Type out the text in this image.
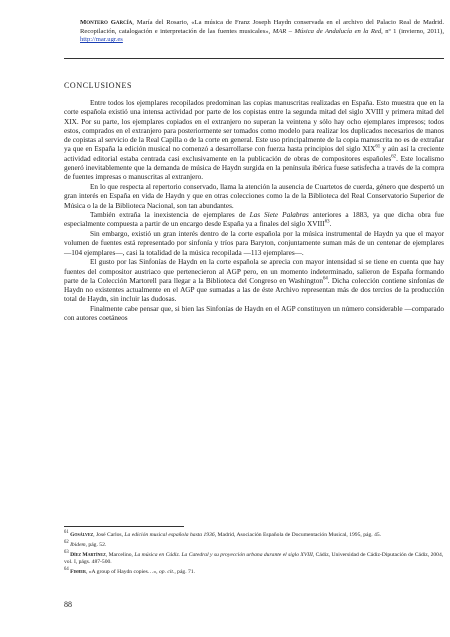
Montero García, María del Rosario, «La música de Franz Joseph Haydn conservada en el archivo del Palacio Real de Madrid. Recopilación, catalogación e interpretación de las fuentes musicales», MAR – Música de Andalucía en la Red, nº 1 (invierno, 2011), http://mar.ugr.es
CONCLUSIONES

Entre todos los ejemplares recopilados predominan las copias manuscritas realizadas en España. Esto muestra que en la corte española existió una intensa actividad por parte de los copistas entre la segunda mitad del siglo XVIII y primera mitad del XIX. Por su parte, los ejemplares copiados en el extranjero no superan la veintena y sólo hay ocho ejemplares impresos; todos estos, comprados en el extranjero para posteriormente ser tomados como modelo para realizar los duplicados necesarios de manos de copistas al servicio de la Real Capilla o de la corte en general. Este uso principalmente de la copia manuscrita no es de extrañar ya que en España la edición musical no comenzó a desarrollarse con fuerza hasta principios del siglo XIX$^{61}$ y aún así la creciente actividad editorial estaba centrada casi exclusivamente en la publicación de obras de compositores españoles$^{62}$. Este localismo generó inevitablemente que la demanda de música de Haydn surgida en la península ibérica fuese satisfecha a través de la compra de fuentes impresas o manuscritas al extranjero.

En lo que respecta al repertorio conservado, llama la atención la ausencia de Cuartetos de cuerda, género que despertó un gran interés en España en vida de Haydn y que en otras colecciones como la de la Biblioteca del Real Conservatorio Superior de Música o la de la Biblioteca Nacional, son tan abundantes.

También extraña la inexistencia de ejemplares de Las Siete Palabras anteriores a 1883, ya que dicha obra fue especialmente compuesta a partir de un encargo desde España ya a finales del siglo XVIII$^{63}$.

Sin embargo, existió un gran interés dentro de la corte española por la música instrumental de Haydn ya que el mayor volumen de fuentes está representado por sinfonía y tríos para Baryton, conjuntamente suman más de un centenar de ejemplares —104 ejemplares—, casi la totalidad de la música recopilada —113 ejemplares—.

El gusto por las Sinfonías de Haydn en la corte española se aprecia con mayor intensidad si se tiene en cuenta que hay fuentes del compositor austriaco que pertenecieron al AGP pero, en un momento indeterminado, salieron de España formando parte de la Colección Martorell para llegar a la Biblioteca del Congreso en Washington$^{64}$. Dicha colección contiene sinfonías de Haydn no existentes actualmente en el AGP que sumadas a las de éste Archivo representan más de dos tercios de la producción total de Haydn, sin incluir las dudosas.

Finalmente cabe pensar que, si bien las Sinfonías de Haydn en el AGP constituyen un número considerable —comparado con autores coetáneos

$^{61}$ Gosálvez, José Carlos, La edición musical española hasta 1936, Madrid, Asociación Española de Documentación Musical, 1995, pág. 45.

$^{62}$ Ibidem, pág. 52.

$^{63}$ Díez Martínez, Marcelino, La música en Cádiz. La Catedral y su proyección urbana durante el siglo XVIII, Cádiz, Universidad de Cádiz-Diputación de Cádiz, 2004, vol. I, págs. 487-500.

$^{64}$ Fisher, «A group of Haydn copies…», op. cit., pág. 71.

88
